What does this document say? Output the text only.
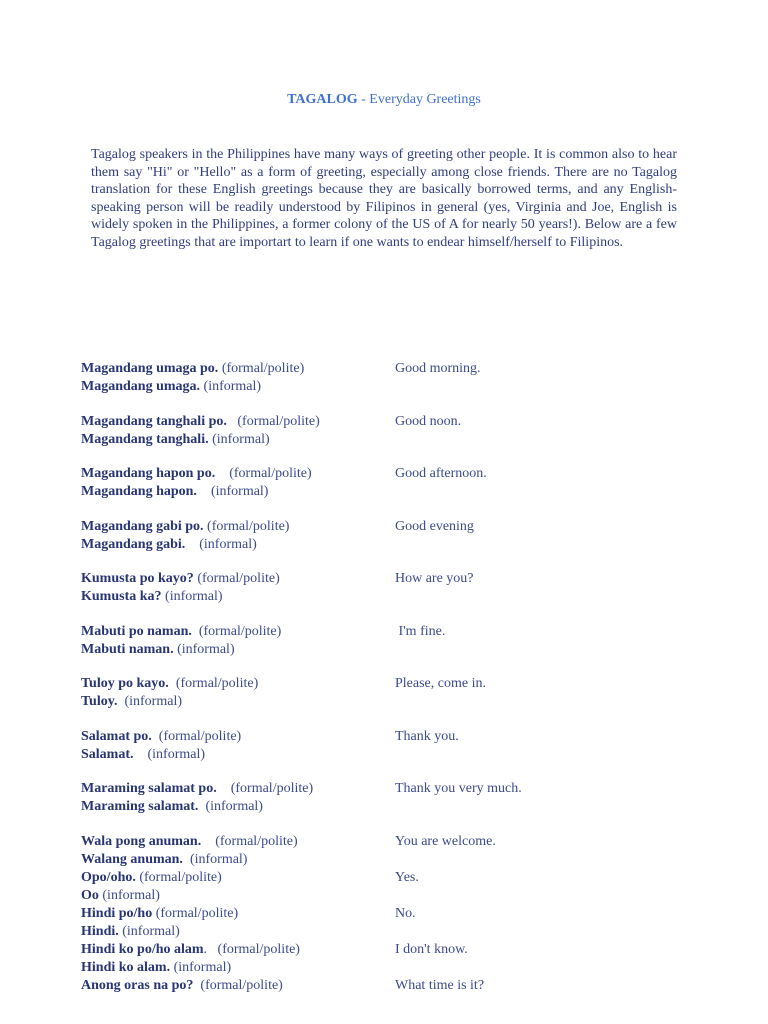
TAGALOG - Everyday Greetings
Tagalog speakers in the Philippines have many ways of greeting other people. It is common also to hear them say "Hi" or "Hello" as a form of greeting, especially among close friends. There are no Tagalog translation for these English greetings because they are basically borrowed terms, and any English-speaking person will be readily understood by Filipinos in general (yes, Virginia and Joe, English is widely spoken in the Philippines, a former colony of the US of A for nearly 50 years!). Below are a few Tagalog greetings that are importart to learn if one wants to endear himself/herself to Filipinos.
Magandang umaga po. (formal/polite)	Good morning.
Magandang umaga. (informal)
Magandang tanghali po.   (formal/polite)	Good noon.
Magandang tanghali. (informal)
Magandang hapon po.    (formal/polite)	Good afternoon.
Magandang hapon.    (informal)
Magandang gabi po. (formal/polite)	Good evening
Magandang gabi.    (informal)
Kumusta po kayo? (formal/polite)	How are you?
Kumusta ka? (informal)
Mabuti po naman.  (formal/polite)	I'm fine.
Mabuti naman. (informal)
Tuloy po kayo.  (formal/polite)	Please, come in.
Tuloy.  (informal)
Salamat po.  (formal/polite)	Thank you.
Salamat.    (informal)
Maraming salamat po.    (formal/polite)	Thank you very much.
Maraming salamat.  (informal)
Wala pong anuman.    (formal/polite)	You are welcome.
Walang anuman.  (informal)
Opo/oho. (formal/polite)	Yes.
Oo (informal)
Hindi po/ho (formal/polite)	No.
Hindi. (informal)
Hindi ko po/ho alam.   (formal/polite)	I don't know.
Hindi ko alam. (informal)
Anong oras na po?  (formal/polite)	What time is it?
